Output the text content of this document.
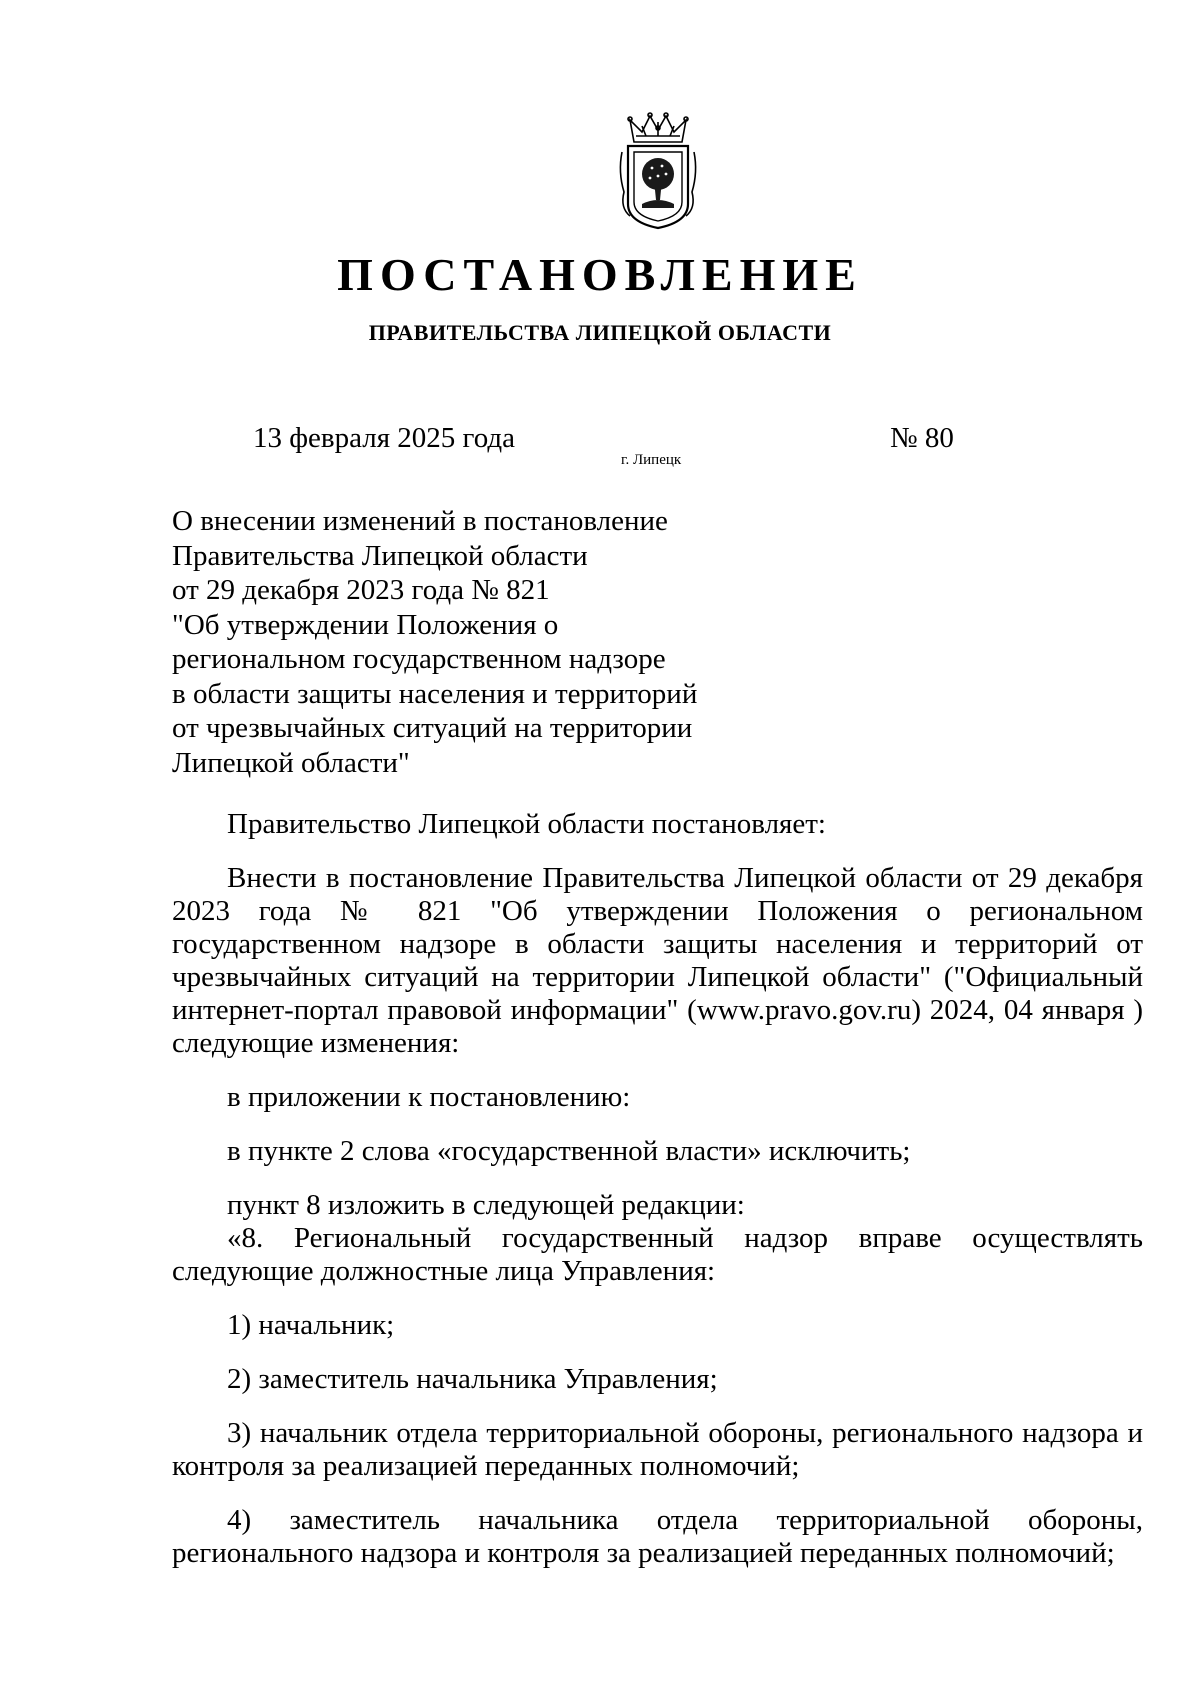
ПОСТАНОВЛЕНИЕ
ПРАВИТЕЛЬСТВА ЛИПЕЦКОЙ ОБЛАСТИ
13 февраля 2025 года
г. Липецк
№ 80
О внесении изменений в постановление
Правительства Липецкой области
от 29 декабря 2023 года № 821
"Об утверждении Положения о
региональном государственном надзоре
в области защиты населения и территорий
от чрезвычайных ситуаций на территории
Липецкой области"
Правительство Липецкой области постановляет:
Внести в постановление Правительства Липецкой области от 29 декабря
2023 года № 821 "Об утверждении Положения о региональном
государственном надзоре в области защиты населения и территорий от
чрезвычайных ситуаций на территории Липецкой области" ("Официальный
интернет-портал правовой информации" (www.pravo.gov.ru) 2024, 04 января )
следующие изменения:
в приложении к постановлению:
в пункте 2 слова «государственной власти» исключить;
пункт 8 изложить в следующей редакции:
«8. Региональный государственный надзор вправе осуществлять
следующие должностные лица Управления:
1) начальник;
2) заместитель начальника Управления;
3) начальник отдела территориальной обороны, регионального надзора и
контроля за реализацией переданных полномочий;
4) заместитель начальника отдела территориальной обороны,
регионального надзора и контроля за реализацией переданных полномочий;
